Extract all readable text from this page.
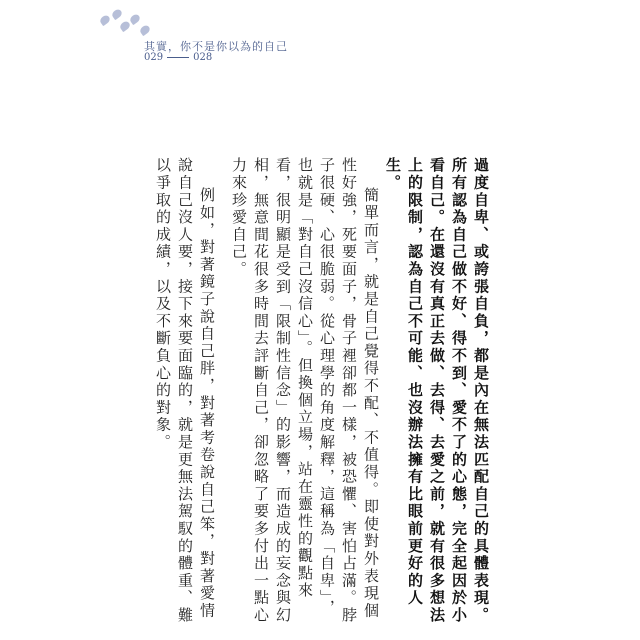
其實，你不是你以為的自己
029	028

過度自卑、或誇張自負，都是內在無法匹配自己的具體表現。所有認為自己做不好、得不到、愛不了的心態，完全起因於小看自己。在還沒有真正去做、去得、去愛之前，就有很多想法上的限制，認為自己不可能、也沒辦法擁有比眼前更好的人生。

簡單而言，就是自己覺得不配、不值得。即使對外表現個性好強，死要面子，骨子裡卻都一樣，被恐懼、害怕占滿。脖子很硬、心很脆弱。從心理學的角度解釋，這稱為「自卑」，也就是「對自己沒信心」。但換個立場，站在靈性的觀點來看，很明顯是受到「限制性信念」的影響，而造成的妄念與幻相，無意間花很多時間去評斷自己，卻忽略了要多付出一點心力來珍愛自己。

例如，對著鏡子說自己胖，對著考卷說自己笨，對著愛情說自己沒人要，接下來要面臨的，就是更無法駕馭的體重、難以爭取的成績，以及不斷負心的對象。
